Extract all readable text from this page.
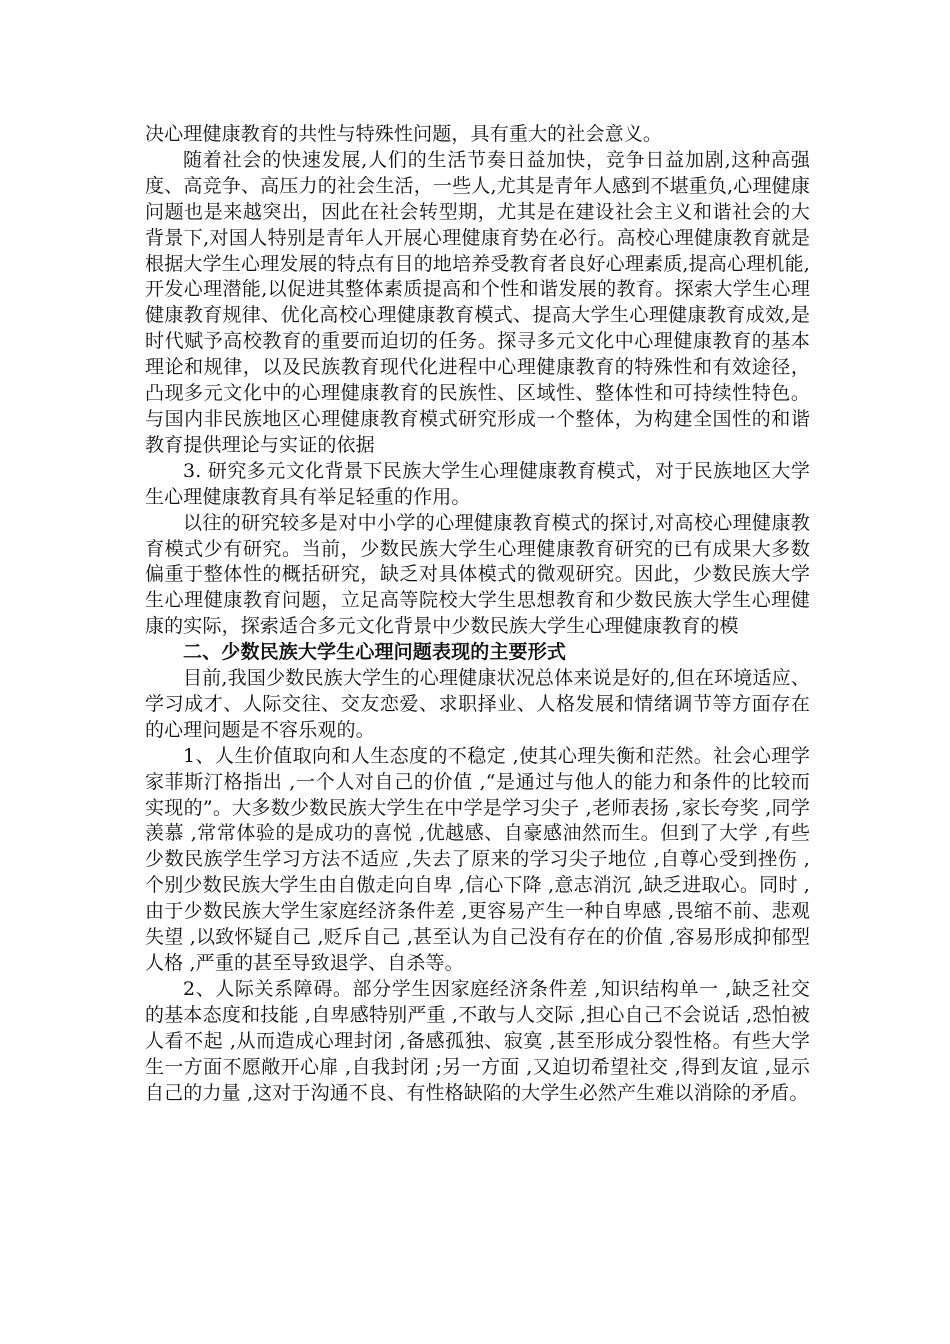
决心理健康教育的共性与特殊性问题，具有重大的社会意义。

随着社会的快速发展,人们的生活节奏日益加快，竞争日益加剧,这种高强度、高竞争、高压力的社会生活，一些人,尤其是青年人感到不堪重负,心理健康问题也是来越突出，因此在社会转型期，尤其是在建设社会主义和谐社会的大背景下,对国人特别是青年人开展心理健康育势在必行。高校心理健康教育就是根据大学生心理发展的特点有目的地培养受教育者良好心理素质,提高心理机能,开发心理潜能,以促进其整体素质提高和个性和谐发展的教育。探索大学生心理健康教育规律、优化高校心理健康教育模式、提高大学生心理健康教育成效,是时代赋予高校教育的重要而迫切的任务。探寻多元文化中心理健康教育的基本理论和规律，以及民族教育现代化进程中心理健康教育的特殊性和有效途径，凸现多元文化中的心理健康教育的民族性、区域性、整体性和可持续性特色。与国内非民族地区心理健康教育模式研究形成一个整体，为构建全国性的和谐教育提供理论与实证的依据

3. 研究多元文化背景下民族大学生心理健康教育模式，对于民族地区大学生心理健康教育具有举足轻重的作用。

以往的研究较多是对中小学的心理健康教育模式的探讨,对高校心理健康教育模式少有研究。当前，少数民族大学生心理健康教育研究的已有成果大多数偏重于整体性的概括研究，缺乏对具体模式的微观研究。因此，少数民族大学生心理健康教育问题，立足高等院校大学生思想教育和少数民族大学生心理健康的实际，探索适合多元文化背景中少数民族大学生心理健康教育的模

二、少数民族大学生心理问题表现的主要形式

目前,我国少数民族大学生的心理健康状况总体来说是好的,但在环境适应、学习成才、人际交往、交友恋爱、求职择业、人格发展和情绪调节等方面存在的心理问题是不容乐观的。

1、人生价值取向和人生态度的不稳定 ,使其心理失衡和茫然。社会心理学家菲斯汀格指出 ,一个人对自己的价值 ,“是通过与他人的能力和条件的比较而实现的”。大多数少数民族大学生在中学是学习尖子 ,老师表扬 ,家长夸奖 ,同学羡慕 ,常常体验的是成功的喜悦 ,优越感、自豪感油然而生。但到了大学 ,有些少数民族学生学习方法不适应 ,失去了原来的学习尖子地位 ,自尊心受到挫伤 ,个别少数民族大学生由自傲走向自卑 ,信心下降 ,意志消沉 ,缺乏进取心。同时 ,由于少数民族大学生家庭经济条件差 ,更容易产生一种自卑感 ,畏缩不前、悲观失望 ,以致怀疑自己 ,贬斥自己 ,甚至认为自己没有存在的价值 ,容易形成抑郁型人格 ,严重的甚至导致退学、自杀等。

2、人际关系障碍。部分学生因家庭经济条件差 ,知识结构单一 ,缺乏社交的基本态度和技能 ,自卑感特别严重 ,不敢与人交际 ,担心自己不会说话 ,恐怕被人看不起 ,从而造成心理封闭 ,备感孤独、寂寞 ,甚至形成分裂性格。有些大学生一方面不愿敞开心扉 ,自我封闭 ;另一方面 ,又迫切希望社交 ,得到友谊 ,显示自己的力量 ,这对于沟通不良、有性格缺陷的大学生必然产生难以消除的矛盾。
